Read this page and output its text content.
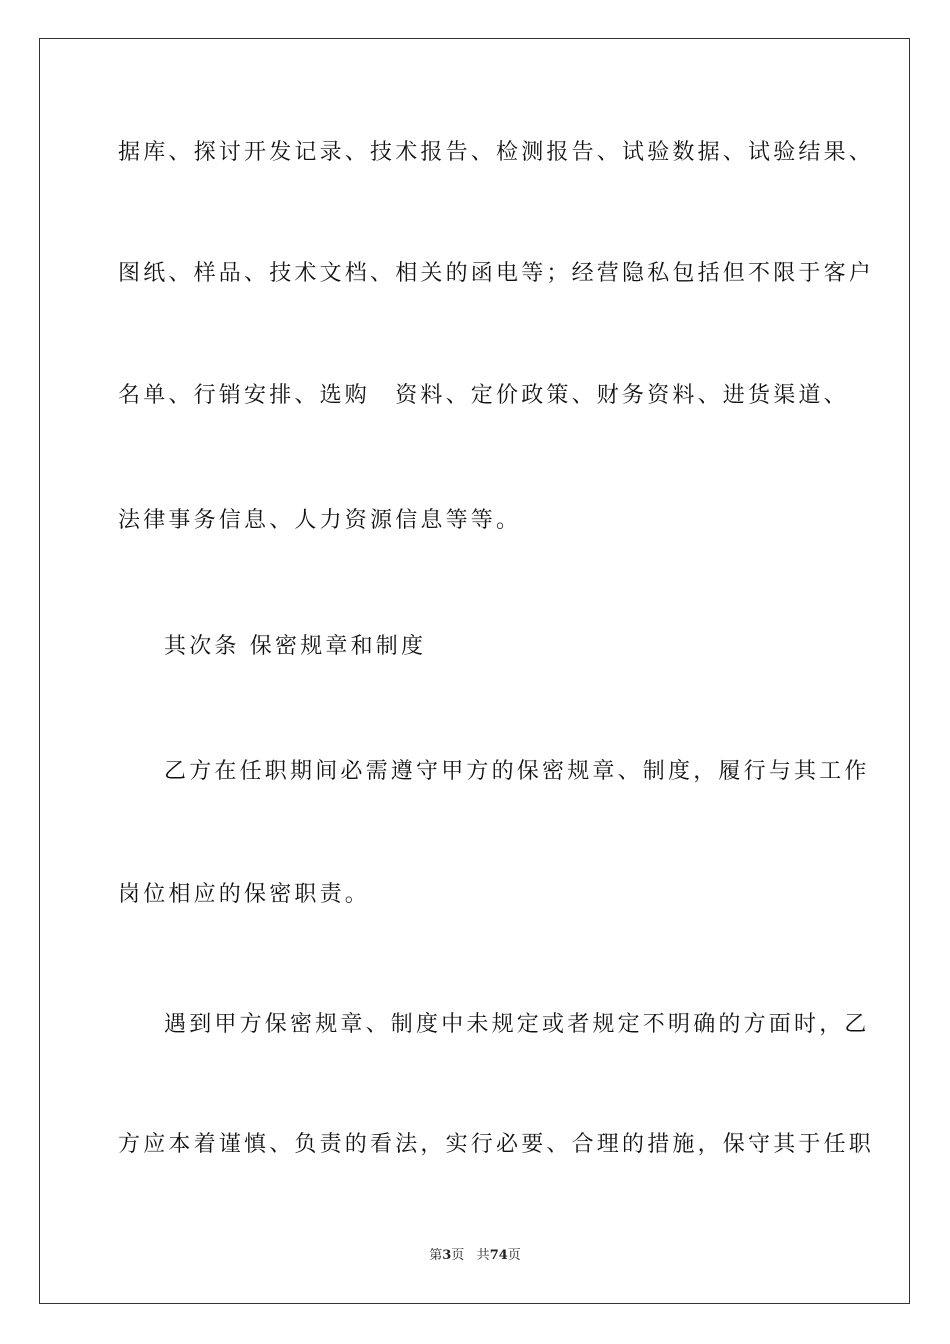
据库、探讨开发记录、技术报告、检测报告、试验数据、试验结果、
图纸、样品、技术文档、相关的函电等；经营隐私包括但不限于客户
名单、行销安排、选购　资料、定价政策、财务资料、进货渠道、
法律事务信息、人力资源信息等等。
其次条 保密规章和制度
乙方在任职期间必需遵守甲方的保密规章、制度，履行与其工作
岗位相应的保密职责。
遇到甲方保密规章、制度中未规定或者规定不明确的方面时，乙
方应本着谨慎、负责的看法，实行必要、合理的措施，保守其于任职
第3页 共74页
